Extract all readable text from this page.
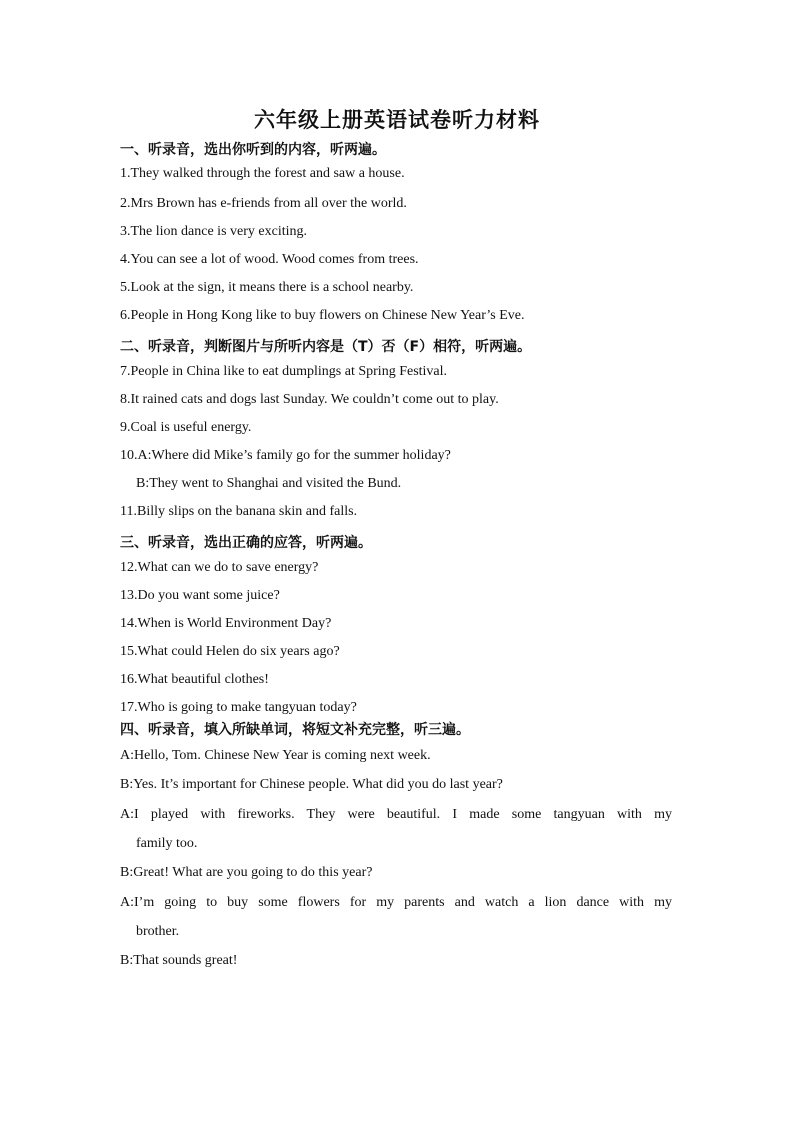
六年级上册英语试卷听力材料
一、听录音，选出你听到的内容，听两遍。
1.They walked through the forest and saw a house.
2.Mrs Brown has e-friends from all over the world.
3.The lion dance is very exciting.
4.You can see a lot of wood. Wood comes from trees.
5.Look at the sign, it means there is a school nearby.
6.People in Hong Kong like to buy flowers on Chinese New Year’s Eve.
二、听录音，判断图片与所听内容是（T）否（F）相符，听两遍。
7.People in China like to eat dumplings at Spring Festival.
8.It rained cats and dogs last Sunday. We couldn’t come out to play.
9.Coal is useful energy.
10.A:Where did Mike’s family go for the summer holiday?
B:They went to Shanghai and visited the Bund.
11.Billy slips on the banana skin and falls.
三、听录音，选出正确的应答，听两遍。
12.What can we do to save energy?
13.Do you want some juice?
14.When is World Environment Day?
15.What could Helen do six years ago?
16.What beautiful clothes!
17.Who is going to make tangyuan today?
四、听录音，填入所缺单词，将短文补充完整，听三遍。
A:Hello, Tom. Chinese New Year is coming next week.
B:Yes. It’s important for Chinese people. What did you do last year?
A:I played with fireworks. They were beautiful. I made some tangyuan with my
family too.
B:Great! What are you going to do this year?
A:I’m going to buy some flowers for my parents and watch a lion dance with my
brother.
B:That sounds great!
